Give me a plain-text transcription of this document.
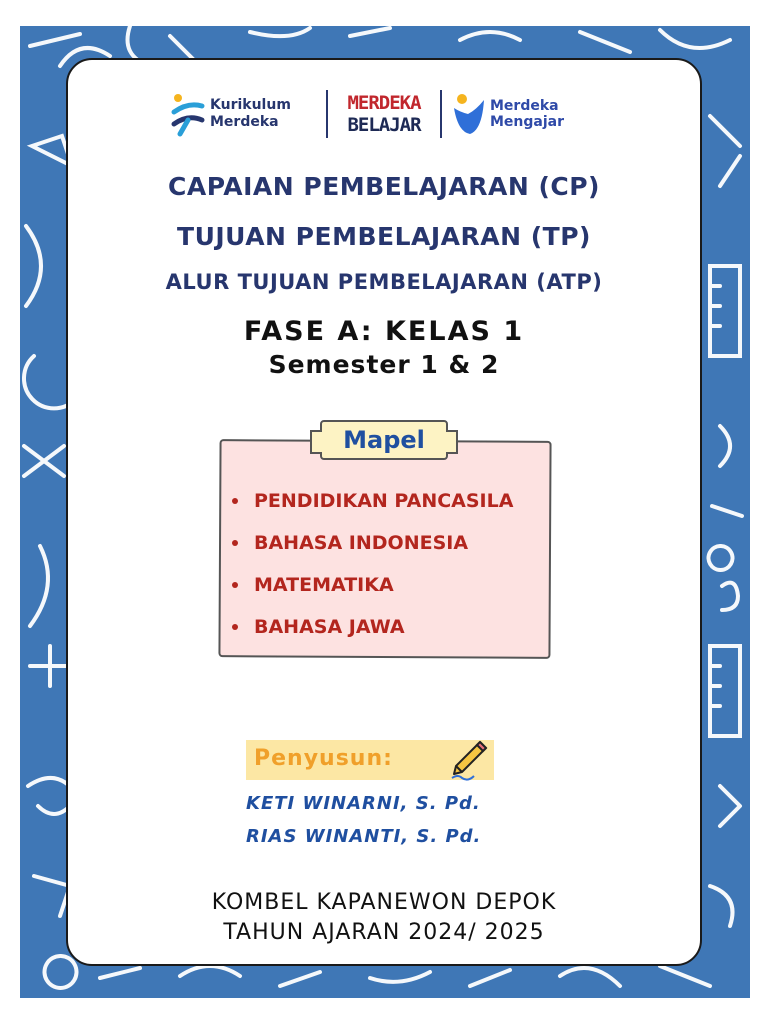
Kurikulum
Merdeka
MERDEKA
BELAJAR
Merdeka
Mengajar
CAPAIAN PEMBELAJARAN (CP)
TUJUAN PEMBELAJARAN (TP)
ALUR TUJUAN PEMBELAJARAN (ATP)
FASE A: KELAS 1
Semester 1 & 2
Mapel
PENDIDIKAN PANCASILA
BAHASA INDONESIA
MATEMATIKA
BAHASA JAWA
Penyusun:
KETI WINARNI, S. Pd.
RIAS WINANTI, S. Pd.
KOMBEL KAPANEWON DEPOK
TAHUN AJARAN 2024/ 2025
